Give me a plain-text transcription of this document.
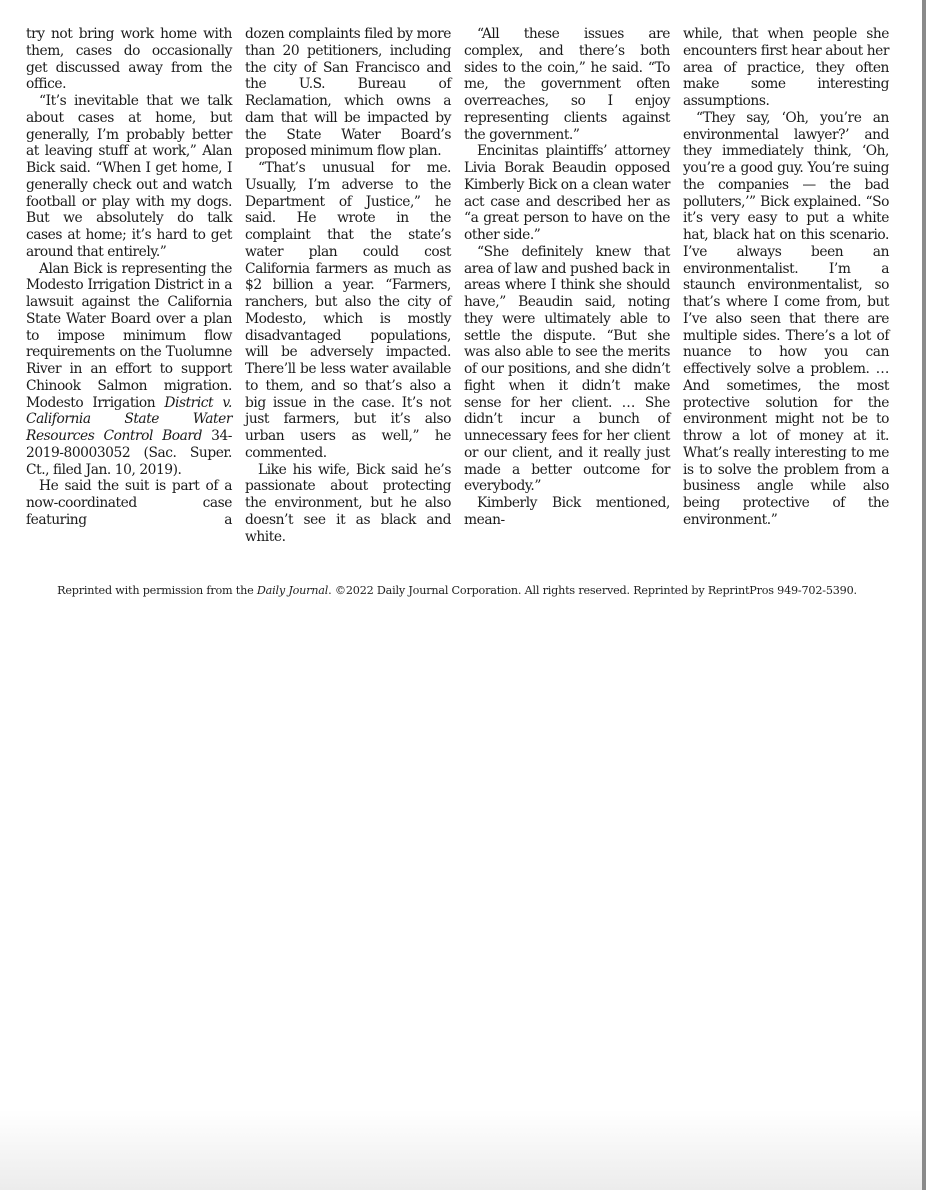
try not bring work home with them, cases do occasionally get discussed away from the office.

“It’s inevitable that we talk about cases at home, but generally, I’m probably better at leaving stuff at work,” Alan Bick said. “When I get home, I generally check out and watch football or play with my dogs. But we absolutely do talk cases at home; it’s hard to get around that entirely.”

Alan Bick is representing the Modesto Irrigation District in a lawsuit against the California State Water Board over a plan to impose minimum flow requirements on the Tuolumne River in an effort to support Chinook Salmon migration. Modesto Irrigation District v. California State Water Resources Control Board 34-2019-80003052 (Sac. Super. Ct., filed Jan. 10, 2019).

He said the suit is part of a now-coordinated case featuring a

dozen complaints filed by more than 20 petitioners, including the city of San Francisco and the U.S. Bureau of Reclamation, which owns a dam that will be impacted by the State Water Board’s proposed minimum flow plan.

“That’s unusual for me. Usually, I’m adverse to the Department of Justice,” he said. He wrote in the complaint that the state’s water plan could cost California farmers as much as $2 billion a year. “Farmers, ranchers, but also the city of Modesto, which is mostly disadvantaged populations, will be adversely impacted. There’ll be less water available to them, and so that’s also a big issue in the case. It’s not just farmers, but it’s also urban users as well,” he commented.

Like his wife, Bick said he’s passionate about protecting the environment, but he also doesn’t see it as black and white.

“All these issues are complex, and there’s both sides to the coin,” he said. “To me, the government often overreaches, so I enjoy representing clients against the government.”

Encinitas plaintiffs’ attorney Livia Borak Beaudin opposed Kimberly Bick on a clean water act case and described her as “a great person to have on the other side.”

“She definitely knew that area of law and pushed back in areas where I think she should have,” Beaudin said, noting they were ultimately able to settle the dispute. “But she was also able to see the merits of our positions, and she didn’t fight when it didn’t make sense for her client. … She didn’t incur a bunch of unnecessary fees for her client or our client, and it really just made a better outcome for everybody.”

Kimberly Bick mentioned, mean-

while, that when people she encounters first hear about her area of practice, they often make some interesting assumptions.

“They say, ‘Oh, you’re an environmental lawyer?’ and they immediately think, ‘Oh, you’re a good guy. You’re suing the companies — the bad polluters,’” Bick explained. “So it’s very easy to put a white hat, black hat on this scenario. I’ve always been an environmentalist. I’m a staunch environmentalist, so that’s where I come from, but I’ve also seen that there are multiple sides. There’s a lot of nuance to how you can effectively solve a problem. … And sometimes, the most protective solution for the environment might not be to throw a lot of money at it. What’s really interesting to me is to solve the problem from a business angle while also being protective of the environment.”

Reprinted with permission from the Daily Journal. ©2022 Daily Journal Corporation. All rights reserved. Reprinted by ReprintPros 949-702-5390.
